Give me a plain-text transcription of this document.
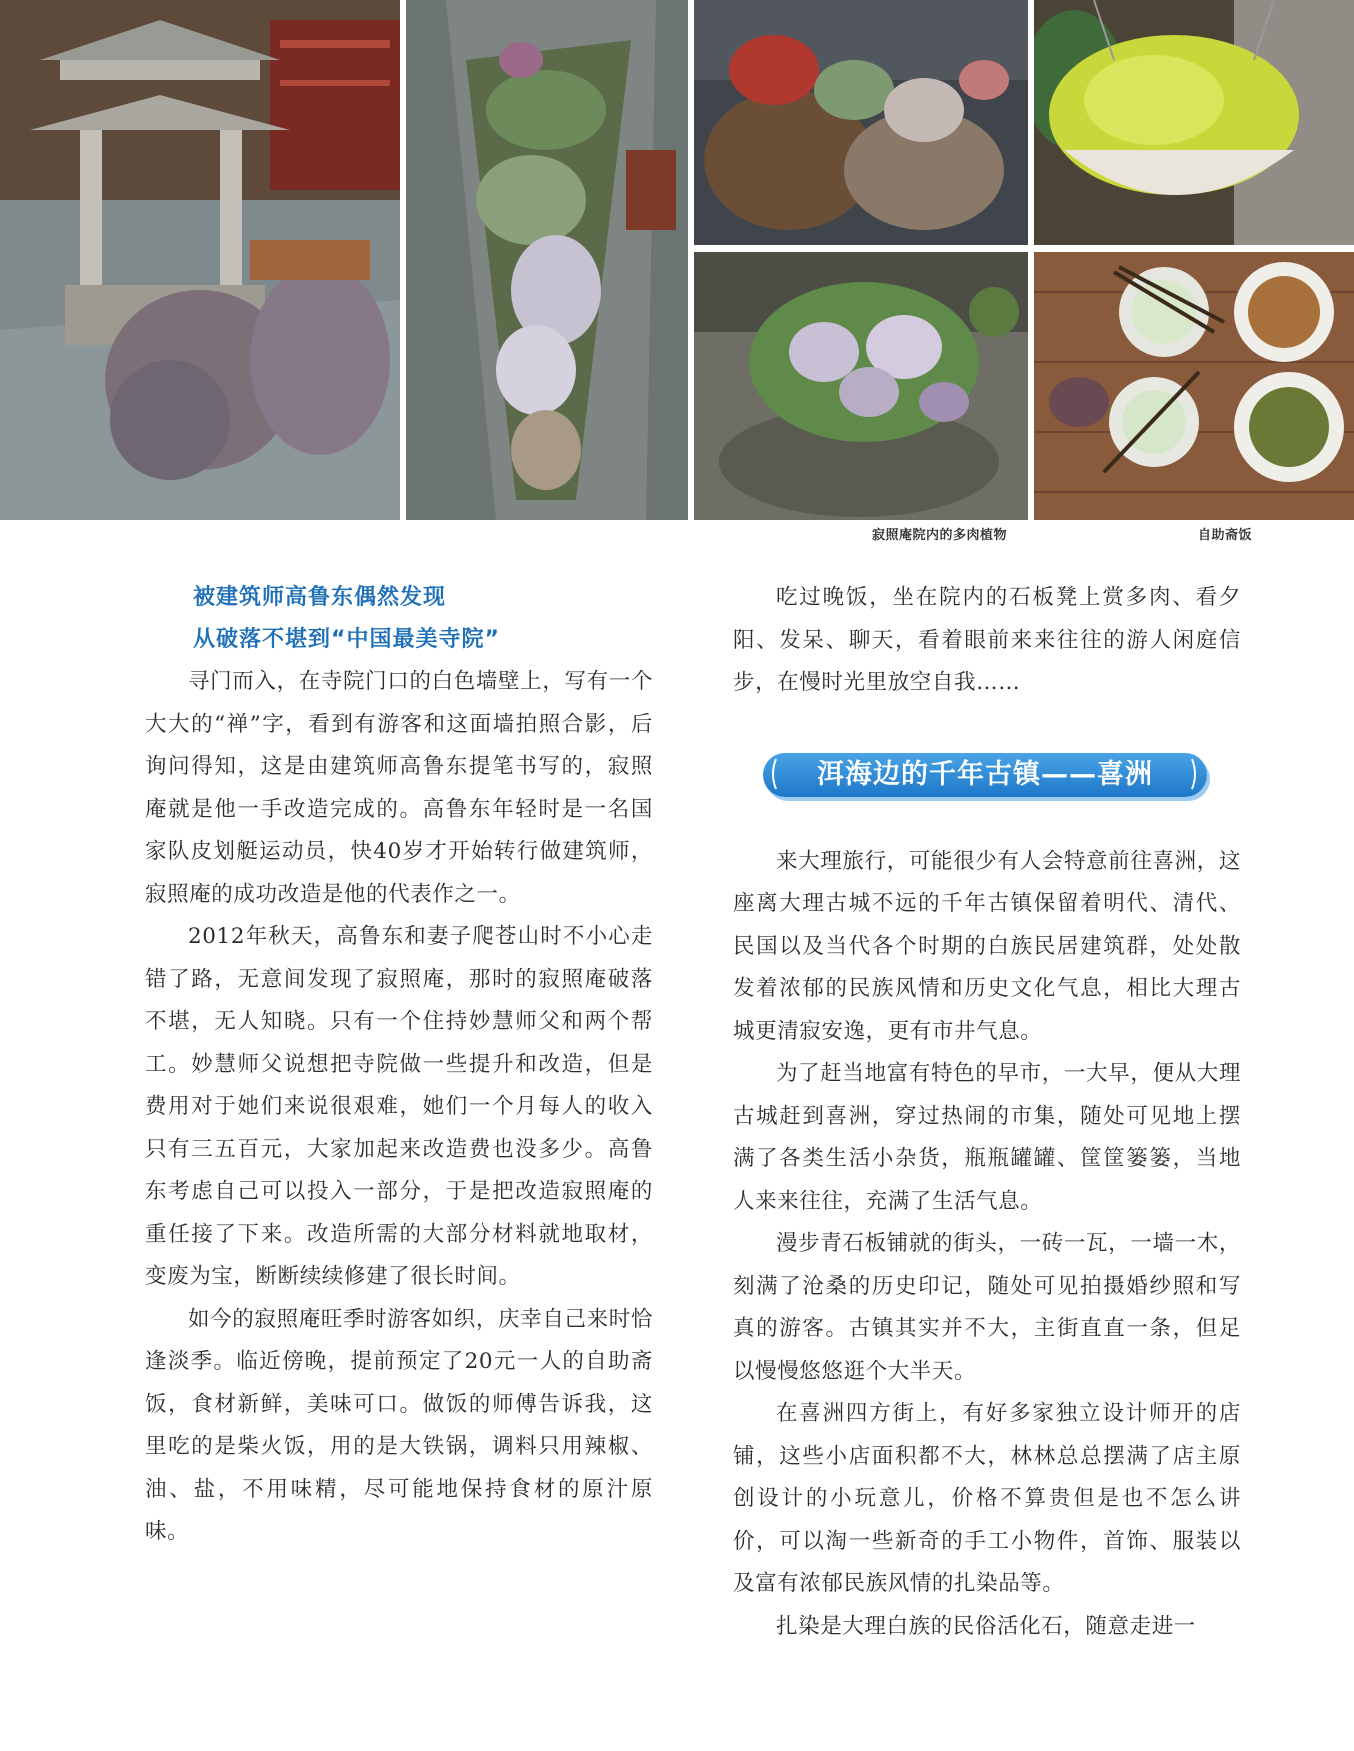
寂照庵院内的多肉植物	自助斋饭
被建筑师高鲁东偶然发现
从破落不堪到“中国最美寺院”

寻门而入，在寺院门口的白色墙壁上，写有一个大大的“禅”字，看到有游客和这面墙拍照合影，后询问得知，这是由建筑师高鲁东提笔书写的，寂照庵就是他一手改造完成的。高鲁东年轻时是一名国家队皮划艇运动员，快40岁才开始转行做建筑师，寂照庵的成功改造是他的代表作之一。

2012年秋天，高鲁东和妻子爬苍山时不小心走错了路，无意间发现了寂照庵，那时的寂照庵破落不堪，无人知晓。只有一个住持妙慧师父和两个帮工。妙慧师父说想把寺院做一些提升和改造，但是费用对于她们来说很艰难，她们一个月每人的收入只有三五百元，大家加起来改造费也没多少。高鲁东考虑自己可以投入一部分，于是把改造寂照庵的重任接了下来。改造所需的大部分材料就地取材，变废为宝，断断续续修建了很长时间。

如今的寂照庵旺季时游客如织，庆幸自己来时恰逢淡季。临近傍晚，提前预定了20元一人的自助斋饭，食材新鲜，美味可口。做饭的师傅告诉我，这里吃的是柴火饭，用的是大铁锅，调料只用辣椒、油、盐，不用味精，尽可能地保持食材的原汁原味。

吃过晚饭，坐在院内的石板凳上赏多肉、看夕阳、发呆、聊天，看着眼前来来往往的游人闲庭信步，在慢时光里放空自我……

洱海边的千年古镇——喜洲

来大理旅行，可能很少有人会特意前往喜洲，这座离大理古城不远的千年古镇保留着明代、清代、民国以及当代各个时期的白族民居建筑群，处处散发着浓郁的民族风情和历史文化气息，相比大理古城更清寂安逸，更有市井气息。

为了赶当地富有特色的早市，一大早，便从大理古城赶到喜洲，穿过热闹的市集，随处可见地上摆满了各类生活小杂货，瓶瓶罐罐、筐筐篓篓，当地人来来往往，充满了生活气息。

漫步青石板铺就的街头，一砖一瓦，一墙一木，刻满了沧桑的历史印记，随处可见拍摄婚纱照和写真的游客。古镇其实并不大，主街直直一条，但足以慢慢悠悠逛个大半天。

在喜洲四方街上，有好多家独立设计师开的店铺，这些小店面积都不大，林林总总摆满了店主原创设计的小玩意儿，价格不算贵但是也不怎么讲价，可以淘一些新奇的手工小物件，首饰、服装以及富有浓郁民族风情的扎染品等。

扎染是大理白族的民俗活化石，随意走进一
